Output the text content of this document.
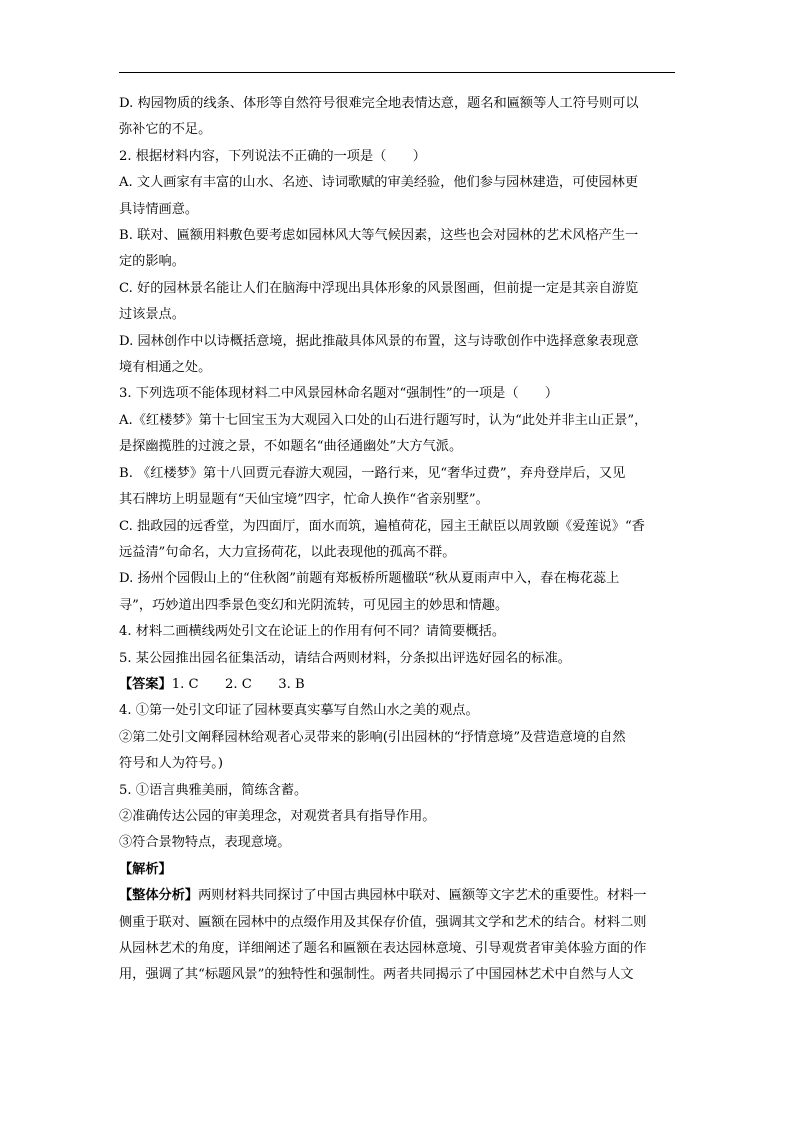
D. 构园物质的线条、体形等自然符号很难完全地表情达意，题名和匾额等人工符号则可以

弥补它的不足。

2. 根据材料内容，下列说法不正确的一项是（　　）

A. 文人画家有丰富的山水、名迹、诗词歌赋的审美经验，他们参与园林建造，可使园林更

具诗情画意。

B. 联对、匾额用料敷色要考虑如园林风大等气候因素，这些也会对园林的艺术风格产生一

定的影响。

C. 好的园林景名能让人们在脑海中浮现出具体形象的风景图画，但前提一定是其亲自游览

过该景点。

D. 园林创作中以诗概括意境，据此推敲具体风景的布置，这与诗歌创作中选择意象表现意

境有相通之处。

3. 下列选项不能体现材料二中风景园林命名题对“强制性”的一项是（　　）

A.《红楼梦》第十七回宝玉为大观园入口处的山石进行题写时，认为“此处并非主山正景”，

是探幽揽胜的过渡之景，不如题名“曲径通幽处”大方气派。

B. 《红楼梦》第十八回贾元春游大观园，一路行来，见“奢华过费”，弃舟登岸后，又见

其石牌坊上明显题有“天仙宝境”四字，忙命人换作“省亲别墅”。

C. 拙政园的远香堂，为四面厅，面水而筑，遍植荷花，园主王献臣以周敦颐《爱莲说》“香

远益清”句命名，大力宣扬荷花，以此表现他的孤高不群。

D. 扬州个园假山上的“住秋阁”前题有郑板桥所题楹联“秋从夏雨声中入，春在梅花蕊上

寻”，巧妙道出四季景色变幻和光阴流转，可见园主的妙思和情趣。

4. 材料二画横线两处引文在论证上的作用有何不同？请简要概括。

5. 某公园推出园名征集活动，请结合两则材料，分条拟出评选好园名的标准。

【答案】1. C　　2. C　　3. B

4. ①第一处引文印证了园林要真实摹写自然山水之美的观点。

②第二处引文阐释园林给观者心灵带来的影响(引出园林的“抒情意境”及营造意境的自然

符号和人为符号。)

5. ①语言典雅美丽，简练含蓄。

②准确传达公园的审美理念，对观赏者具有指导作用。

③符合景物特点，表现意境。

【解析】

【整体分析】两则材料共同探讨了中国古典园林中联对、匾额等文字艺术的重要性。材料一

侧重于联对、匾额在园林中的点缀作用及其保存价值，强调其文学和艺术的结合。材料二则

从园林艺术的角度，详细阐述了题名和匾额在表达园林意境、引导观赏者审美体验方面的作

用，强调了其“标题风景”的独特性和强制性。两者共同揭示了中国园林艺术中自然与人文
